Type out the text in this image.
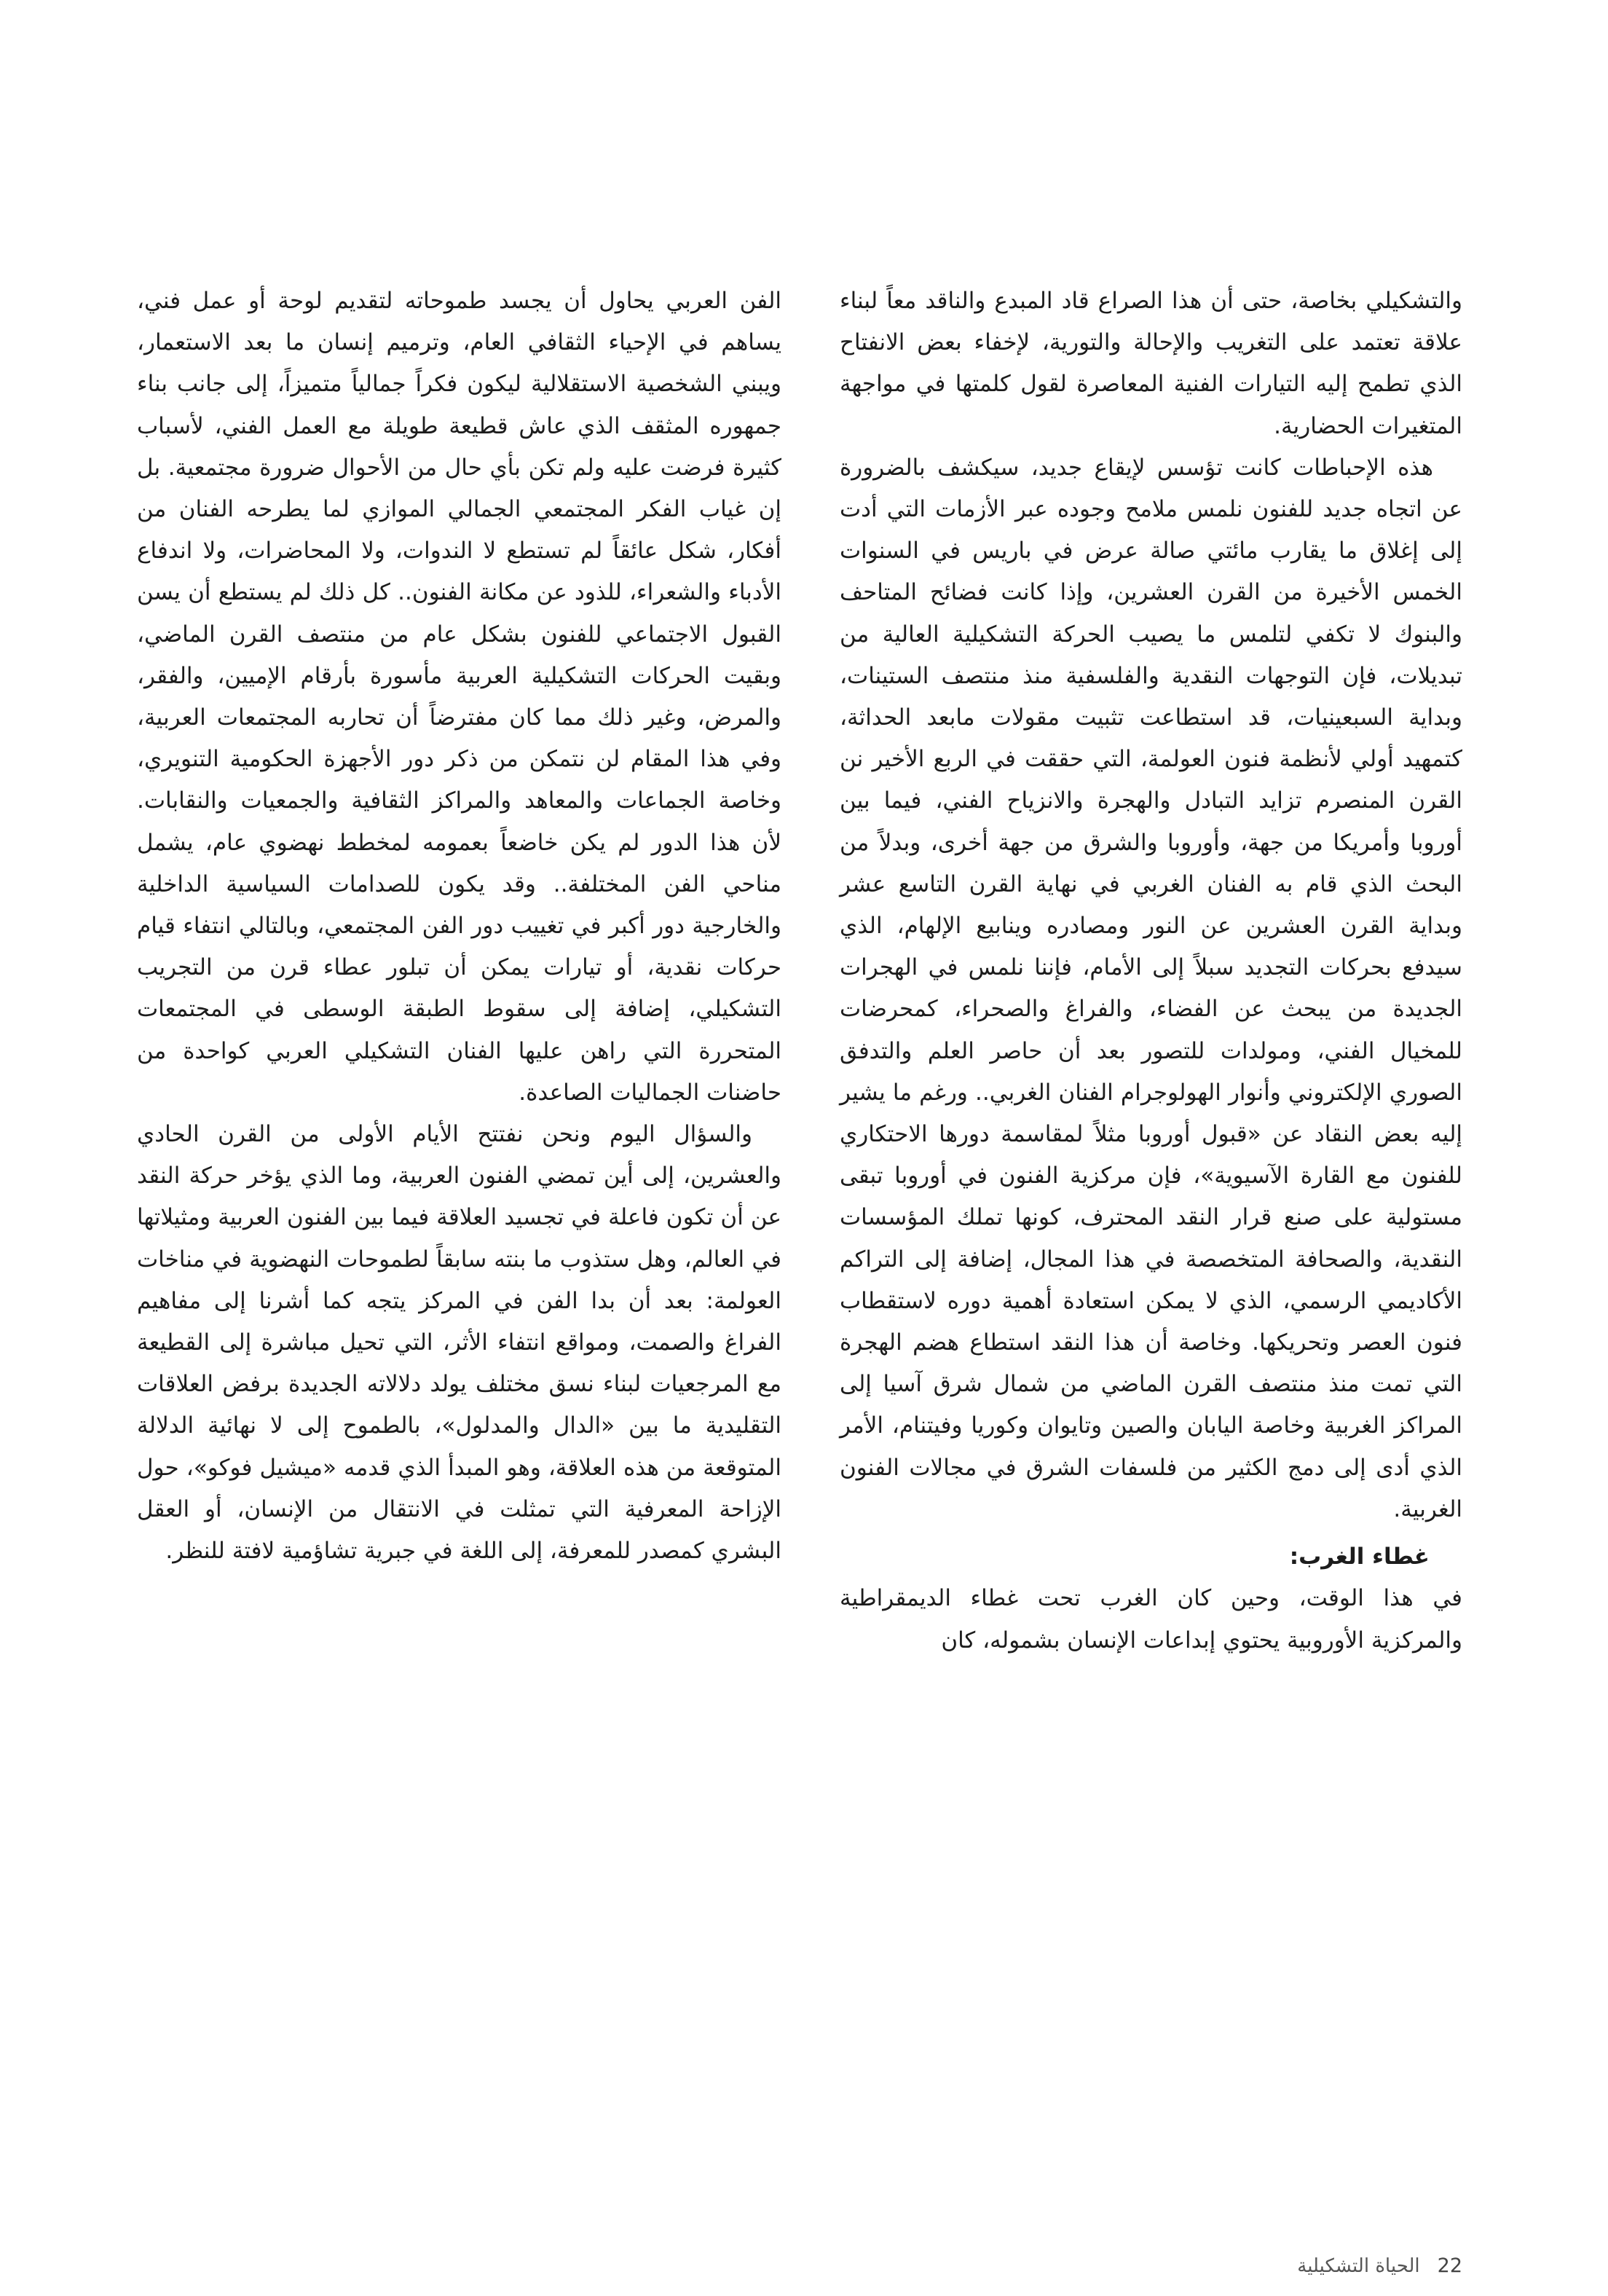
والتشكيلي بخاصة، حتى أن هذا الصراع قاد المبدع والناقد معاً لبناء علاقة تعتمد على التغريب والإحالة والتورية، لإخفاء بعض الانفتاح الذي تطمح إليه التيارات الفنية المعاصرة لقول كلمتها في مواجهة المتغيرات الحضارية.

هذه الإحباطات كانت تؤسس لإيقاع جديد، سيكشف بالضرورة عن اتجاه جديد للفنون نلمس ملامح وجوده عبر الأزمات التي أدت إلى إغلاق ما يقارب مائتي صالة عرض في باريس في السنوات الخمس الأخيرة من القرن العشرين، وإذا كانت فضائح المتاحف والبنوك لا تكفي لتلمس ما يصيب الحركة التشكيلية العالية من تبديلات، فإن التوجهات النقدية والفلسفية منذ منتصف الستينات، وبداية السبعينيات، قد استطاعت تثبيت مقولات مابعد الحداثة، كتمهيد أولي لأنظمة فنون العولمة، التي حققت في الربع الأخير نن القرن المنصرم تزايد التبادل والهجرة والانزياح الفني، فيما بين أوروبا وأمريكا من جهة، وأوروبا والشرق من جهة أخرى، وبدلاً من البحث الذي قام به الفنان الغربي في نهاية القرن التاسع عشر وبداية القرن العشرين عن النور ومصادره وينابيع الإلهام، الذي سيدفع بحركات التجديد سبلاً إلى الأمام، فإننا نلمس في الهجرات الجديدة من يبحث عن الفضاء، والفراغ والصحراء، كمحرضات للمخيال الفني، ومولدات للتصور بعد أن حاصر العلم والتدفق الصوري الإلكتروني وأنوار الهولوجرام الفنان الغربي.. ورغم ما يشير إليه بعض النقاد عن «قبول أوروبا مثلاً لمقاسمة دورها الاحتكاري للفنون مع القارة الآسيوية»، فإن مركزية الفنون في أوروبا تبقى مستولية على صنع قرار النقد المحترف، كونها تملك المؤسسات النقدية، والصحافة المتخصصة في هذا المجال، إضافة إلى التراكم الأكاديمي الرسمي، الذي لا يمكن استعادة أهمية دوره لاستقطاب فنون العصر وتحريكها. وخاصة أن هذا النقد استطاع هضم الهجرة التي تمت منذ منتصف القرن الماضي من شمال شرق آسيا إلى المراكز الغربية وخاصة اليابان والصين وتايوان وكوريا وفيتنام، الأمر الذي أدى إلى دمج الكثير من فلسفات الشرق في مجالات الفنون الغربية.

غطاء الغرب:

في هذا الوقت، وحين كان الغرب تحت غطاء الديمقراطية والمركزية الأوروبية يحتوي إبداعات الإنسان بشموله، كان

الفن العربي يحاول أن يجسد طموحاته لتقديم لوحة أو عمل فني، يساهم في الإحياء الثقافي العام، وترميم إنسان ما بعد الاستعمار، ويبني الشخصية الاستقلالية ليكون فكراً جمالياً متميزاً، إلى جانب بناء جمهوره المثقف الذي عاش قطيعة طويلة مع العمل الفني، لأسباب كثيرة فرضت عليه ولم تكن بأي حال من الأحوال ضرورة مجتمعية. بل إن غياب الفكر المجتمعي الجمالي الموازي لما يطرحه الفنان من أفكار، شكل عائقاً لم تستطع لا الندوات، ولا المحاضرات، ولا اندفاع الأدباء والشعراء، للذود عن مكانة الفنون.. كل ذلك لم يستطع أن يسن القبول الاجتماعي للفنون بشكل عام من منتصف القرن الماضي، وبقيت الحركات التشكيلية العربية مأسورة بأرقام الإميين، والفقر، والمرض، وغير ذلك مما كان مفترضاً أن تحاربه المجتمعات العربية، وفي هذا المقام لن نتمكن من ذكر دور الأجهزة الحكومية التنويري، وخاصة الجماعات والمعاهد والمراكز الثقافية والجمعيات والنقابات. لأن هذا الدور لم يكن خاضعاً بعمومه لمخطط نهضوي عام، يشمل مناحي الفن المختلفة.. وقد يكون للصدامات السياسية الداخلية والخارجية دور أكبر في تغييب دور الفن المجتمعي، وبالتالي انتفاء قيام حركات نقدية، أو تيارات يمكن أن تبلور عطاء قرن من التجريب التشكيلي، إضافة إلى سقوط الطبقة الوسطى في المجتمعات المتحررة التي راهن عليها الفنان التشكيلي العربي كواحدة من حاضنات الجماليات الصاعدة.

والسؤال اليوم ونحن نفتتح الأيام الأولى من القرن الحادي والعشرين، إلى أين تمضي الفنون العربية، وما الذي يؤخر حركة النقد عن أن تكون فاعلة في تجسيد العلاقة فيما بين الفنون العربية ومثيلاتها في العالم، وهل ستذوب ما بنته سابقاً لطموحات النهضوية في مناخات العولمة: بعد أن بدا الفن في المركز يتجه كما أشرنا إلى مفاهيم الفراغ والصمت، ومواقع انتفاء الأثر، التي تحيل مباشرة إلى القطيعة مع المرجعيات لبناء نسق مختلف يولد دلالاته الجديدة برفض العلاقات التقليدية ما بين «الدال والمدلول»، بالطموح إلى لا نهائية الدلالة المتوقعة من هذه العلاقة، وهو المبدأ الذي قدمه «ميشيل فوكو»، حول الإزاحة المعرفية التي تمثلت في الانتقال من الإنسان، أو العقل البشري كمصدر للمعرفة، إلى اللغة في جبرية تشاؤمية لافتة للنظر.

22
الحياة التشكيلية
